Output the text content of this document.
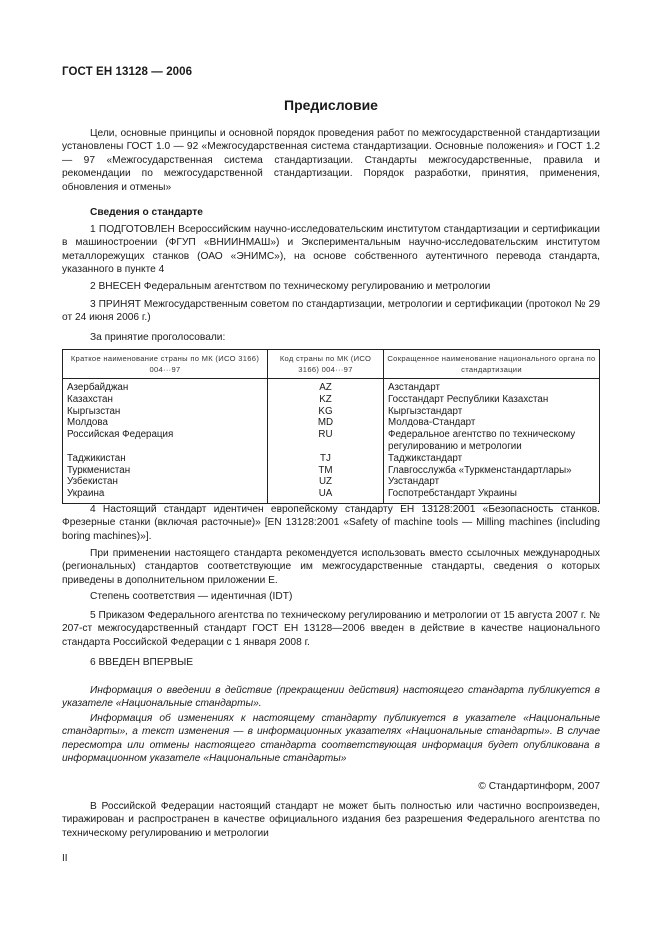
ГОСТ ЕН 13128 — 2006
Предисловие

Цели, основные принципы и основной порядок проведения работ по межгосударственной стандартизации установлены ГОСТ 1.0 — 92 «Межгосударственная система стандартизации. Основные положения» и ГОСТ 1.2 — 97 «Межгосударственная система стандартизации. Стандарты межгосударственные, правила и рекомендации по межгосударственной стандартизации. Порядок разработки, принятия, применения, обновления и отмены»

Сведения о стандарте

1 ПОДГОТОВЛЕН Всероссийским научно-исследовательским институтом стандартизации и сертификации в машиностроении (ФГУП «ВНИИНМАШ») и Экспериментальным научно-исследовательским институтом металлорежущих станков (ОАО «ЭНИМС»), на основе собственного аутентичного перевода стандарта, указанного в пункте 4

2 ВНЕСЕН Федеральным агентством по техническому регулированию и метрологии

3 ПРИНЯТ Межгосударственным советом по стандартизации, метрологии и сертификации (протокол № 29 от 24 июня 2006 г.)

За принятие проголосовали:

Краткое наименование страны по МК (ИСО 3166) 004···97	Код страны по МК (ИСО 3166) 004···97	Сокращенное наименование национального органа по стандартизации
Азербайджан	AZ	Азстандарт
Казахстан	KZ	Госстандарт Республики Казахстан
Кыргызстан	KG	Кыргызстандарт
Молдова	MD	Молдова-Стандарт
Российская Федерация	RU	Федеральное агентство по техническому регулированию и метрологии
Таджикистан	TJ	Таджикстандарт
Туркменистан	TM	Главгосслужба «Туркменстандартлары»
Узбекистан	UZ	Узстандарт
Украина	UA	Госпотребстандарт Украины

4 Настоящий стандарт идентичен европейскому стандарту ЕН 13128:2001 «Безопасность станков. Фрезерные станки (включая расточные)» [EN 13128:2001 «Safety of machine tools — Milling machines (including boring machines)»].

При применении настоящего стандарта рекомендуется использовать вместо ссылочных международных (региональных) стандартов соответствующие им межгосударственные стандарты, сведения о которых приведены в дополнительном приложении Е.

Степень соответствия — идентичная (IDT)

5 Приказом Федерального агентства по техническому регулированию и метрологии от 15 августа 2007 г. № 207-ст межгосударственный стандарт ГОСТ ЕН 13128—2006 введен в действие в качестве национального стандарта Российской Федерации с 1 января 2008 г.

6 ВВЕДЕН ВПЕРВЫЕ

Информация о введении в действие (прекращении действия) настоящего стандарта публикуется в указателе «Национальные стандарты».

Информация об изменениях к настоящему стандарту публикуется в указателе «Национальные стандарты», а текст изменения — в информационных указателях «Национальные стандарты». В случае пересмотра или отмены настоящего стандарта соответствующая информация будет опубликована в информационном указателе «Национальные стандарты»

© Стандартинформ, 2007

В Российской Федерации настоящий стандарт не может быть полностью или частично воспроизведен, тиражирован и распространен в качестве официального издания без разрешения Федерального агентства по техническому регулированию и метрологии

II
